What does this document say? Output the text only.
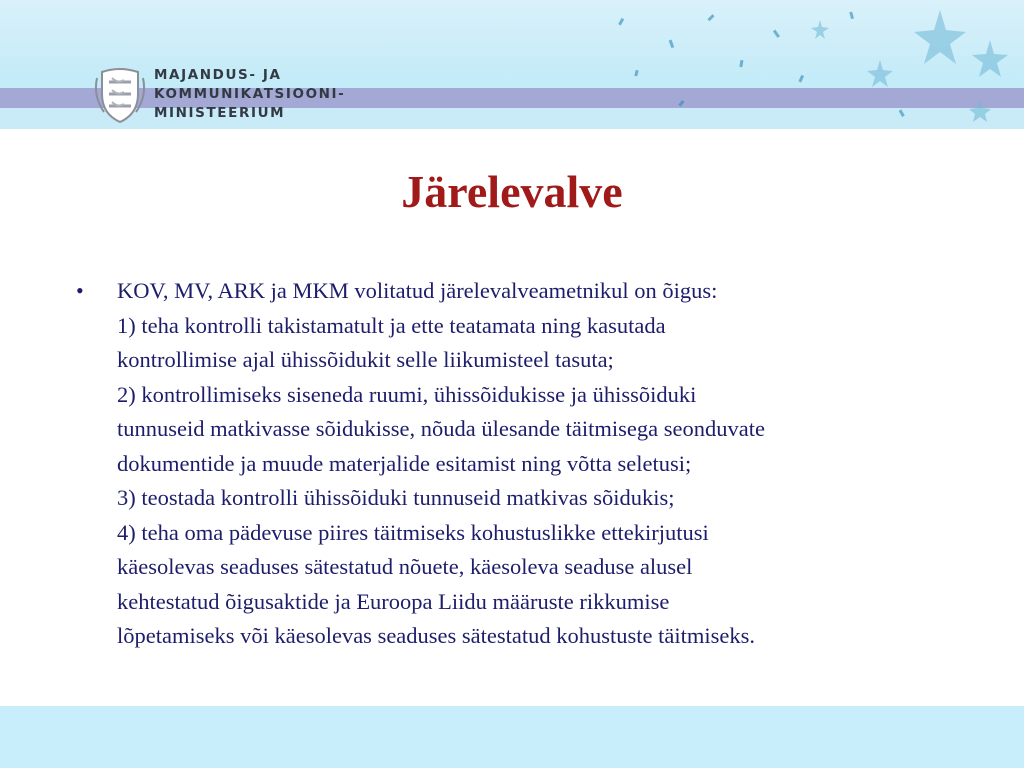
MAJANDUS- JA
KOMMUNIKATSIOONI-
MINISTEERIUM
Järelevalve
•	KOV, MV, ARK ja MKM volitatud järelevalveametnikul on õigus:
1) teha kontrolli takistamatult ja ette teatamata ning kasutada
kontrollimise ajal ühissõidukit selle liikumisteel tasuta;
2) kontrollimiseks siseneda ruumi, ühissõidukisse ja ühissõiduki
tunnuseid matkivasse sõidukisse, nõuda ülesande täitmisega seonduvate
dokumentide ja muude materjalide esitamist ning võtta seletusi;
3) teostada kontrolli ühissõiduki tunnuseid matkivas sõidukis;
4) teha oma pädevuse piires täitmiseks kohustuslikke ettekirjutusi
käesolevas seaduses sätestatud nõuete, käesoleva seaduse alusel
kehtestatud õigusaktide ja Euroopa Liidu määruste rikkumise
lõpetamiseks või käesolevas seaduses sätestatud kohustuste täitmiseks.
